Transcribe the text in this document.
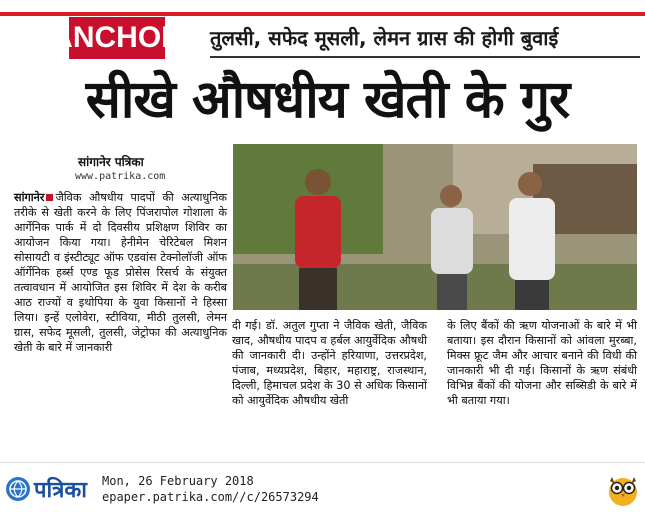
ANCHOR तुलसी, सफेद मूसली, लेमन ग्रास की होगी बुवाई
सीखे औषधीय खेती के गुर
सांगानेर पत्रिका
www.patrika.com
सांगानेर जैविक औषधीय पादपों की अत्याधुनिक तरीके से खेती करने के लिए पिंजरापोल गोशाला के आर्गेनिक पार्क में दो दिवसीय प्रशिक्षण शिविर का आयोजन किया गया। हेनीमेन चेरिटेबल मिशन सोसायटी व इंस्टीट्यूट ऑफ एडवांस टेक्नोलॉजी ऑफ ऑर्गेनिक हर्ब्स एण्ड फूड प्रोसेस रिसर्च के संयुक्त तत्वावधान में आयोजित इस शिविर में देश के करीब आठ राज्यों व इथोपिया के युवा किसानों ने हिस्सा लिया। इन्हें एलोवेरा, स्टीविया, मीठी तुलसी, लेमन ग्रास, सफेद मूसली, तुलसी, जेट्रोफा की अत्याधुनिक खेती के बारे में जानकारी
दी गई। डॉ. अतुल गुप्ता ने जैविक खेती, जैविक खाद, औषधीय पादप व हर्बल आयुर्वेदिक औषधी की जानकारी दी। उन्होंने हरियाणा, उत्तरप्रदेश, पंजाब, मध्यप्रदेश, बिहार, महाराष्ट्र, राजस्थान, दिल्ली, हिमाचल प्रदेश के 30 से अधिक किसानों को आयुर्वेदिक औषधीय खेती
के लिए बैंकों की ऋण योजनाओं के बारे में भी बताया। इस दौरान किसानों को आंवला मुरब्बा, मिक्स फ्रूट जैम और आचार बनाने की विधी की जानकारी भी दी गई। किसानों के ऋण संबंधी विभिन्न बैंकों की योजना और सब्सिडी के बारे में भी बताया गया।
पत्रिका Mon, 26 February 2018
epaper.patrika.com//c/26573294
